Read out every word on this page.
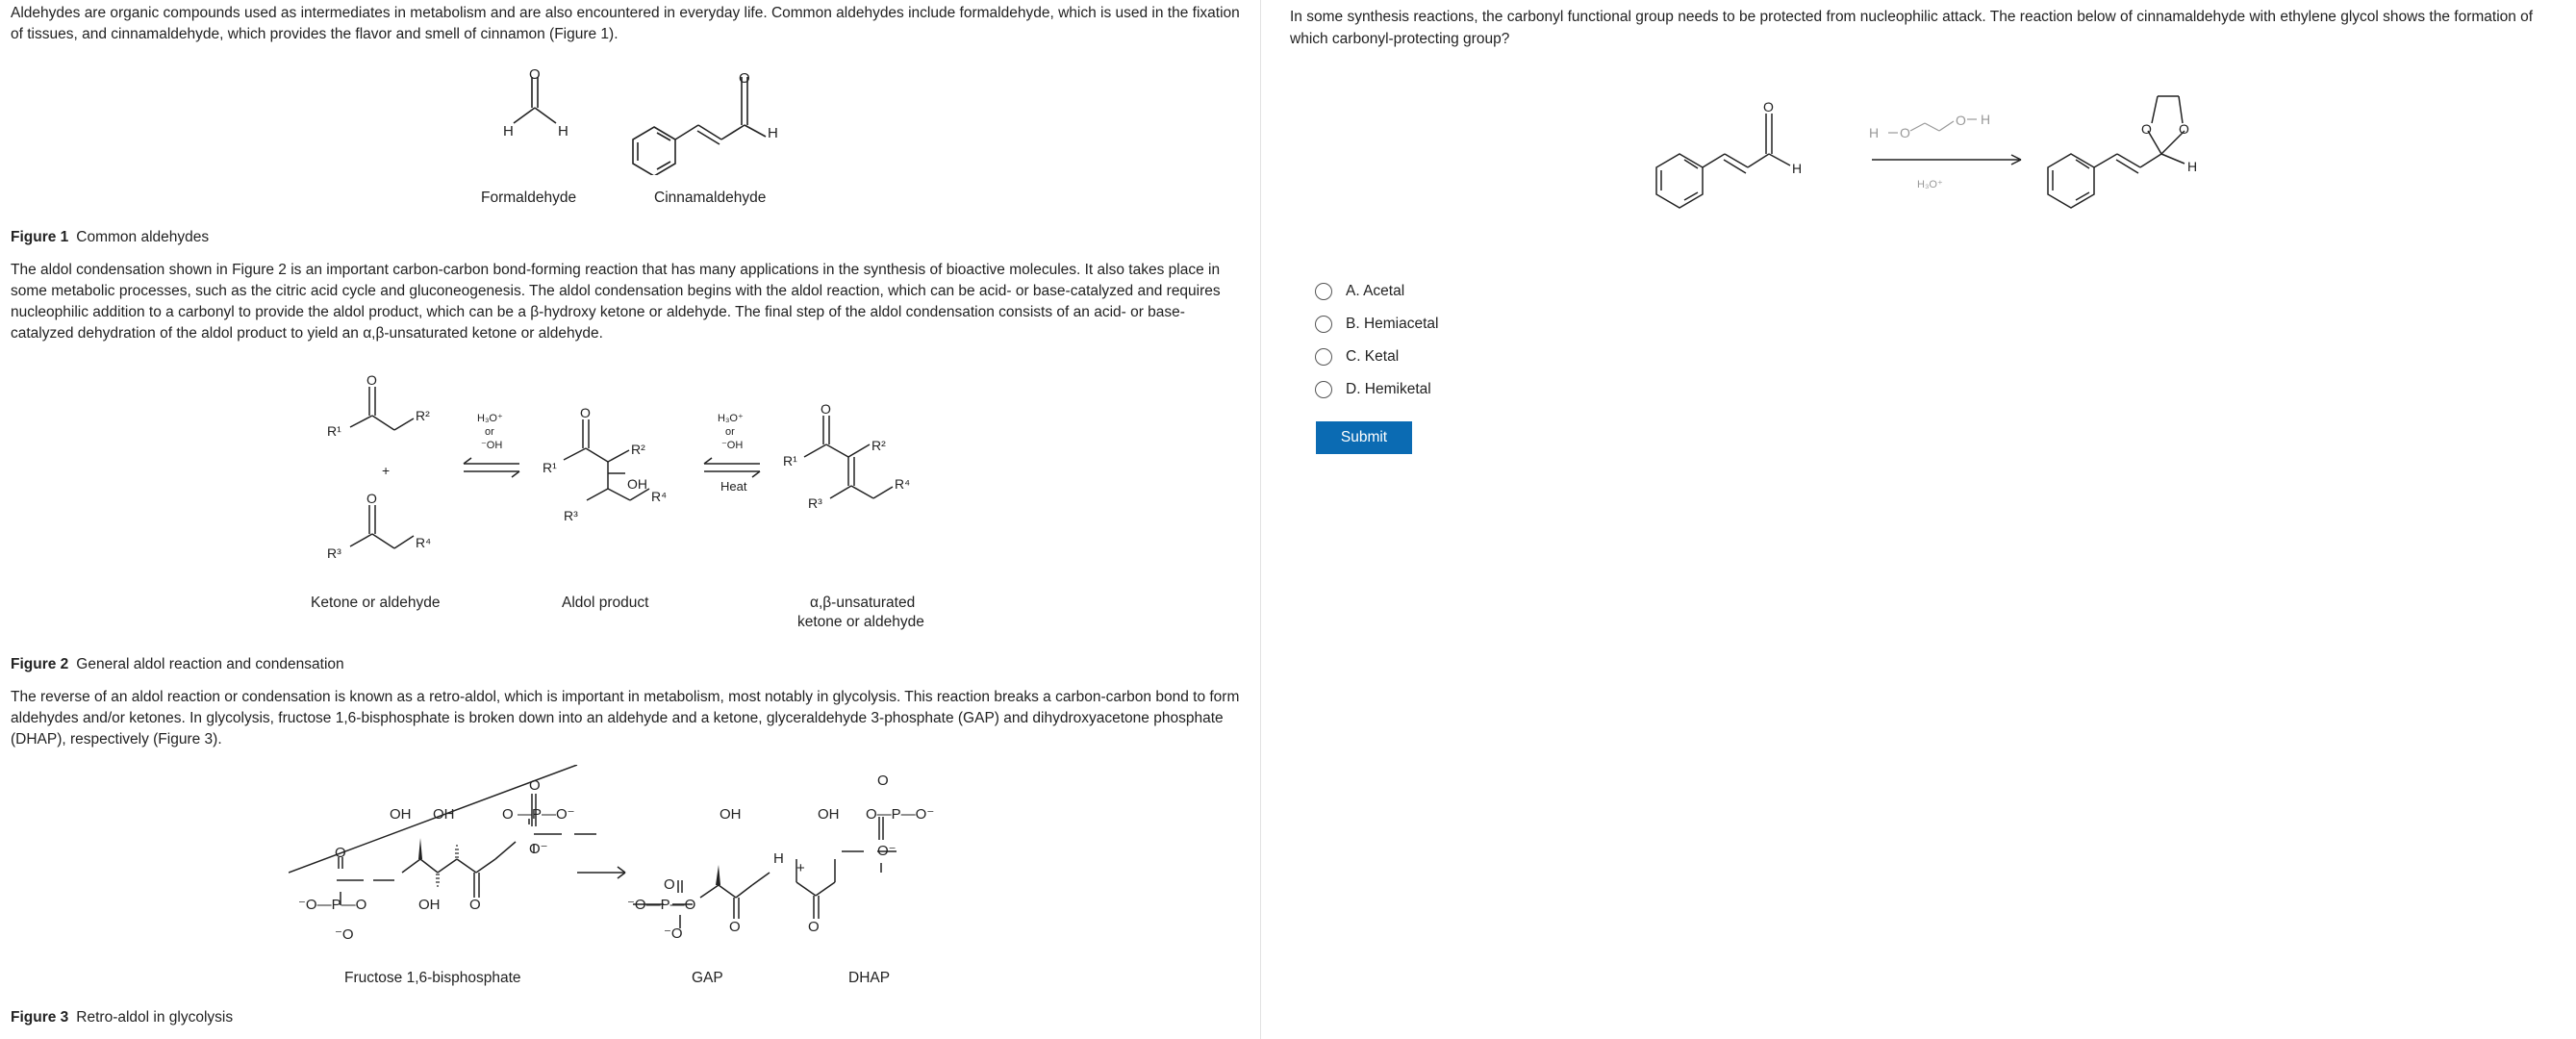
Aldehydes are organic compounds used as intermediates in metabolism and are also encountered in everyday life. Common aldehydes include formaldehyde, which is used in the fixation of tissues, and cinnamaldehyde, which provides the flavor and smell of cinnamon (Figure 1).

O
H	H
O
H
Formaldehyde	Cinnamaldehyde
Figure 1 Common aldehydes

The aldol condensation shown in Figure 2 is an important carbon-carbon bond-forming reaction that has many applications in the synthesis of bioactive molecules. It also takes place in some metabolic processes, such as the citric acid cycle and gluconeogenesis. The aldol condensation begins with the aldol reaction, which can be acid- or base-catalyzed and requires nucleophilic addition to a carbonyl to provide the aldol product, which can be a β-hydroxy ketone or aldehyde. The final step of the aldol condensation consists of an acid- or base-catalyzed dehydration of the aldol product to yield an α,β-unsaturated ketone or aldehyde.

O
R¹
R²
+
O
R³
R⁴
H₃O⁺
or
⁻OH
O
R¹
R²
OH
R³
R⁴
H₃O⁺
or
⁻OH
O
R¹
R²
R³
R⁴
Heat
Ketone or aldehyde	Aldol product	α,β-unsaturated
ketone or aldehyde
Figure 2 General aldol reaction and condensation

The reverse of an aldol reaction or condensation is known as a retro-aldol, which is important in metabolism, most notably in glycolysis. This reaction breaks a carbon-carbon bond to form aldehydes and/or ketones. In glycolysis, fructose 1,6-bisphosphate is broken down into an aldehyde and a ketone, glyceraldehyde 3-phosphate (GAP) and dihydroxyacetone phosphate (DHAP), respectively (Figure 3).

OH OH	O —P—O⁻
O
O⁻
O
⁻O—P—O
⁻O
OH O
O
⁻O—P—O
⁻O
OH
O
H
+
OH
O
O—P—O⁻
O
O⁻
Fructose 1,6-bisphosphate	GAP	DHAP
Figure 3 Retro-aldol in glycolysis

In some synthesis reactions, the carbonyl functional group needs to be protected from nucleophilic attack. The reaction below of cinnamaldehyde with ethylene glycol shows the formation of which carbonyl-protecting group?

H O
O H
H₃O⁺
O
H
O O
H
A. Acetal
B. Hemiacetal
C. Ketal
D. Hemiketal
Submit
